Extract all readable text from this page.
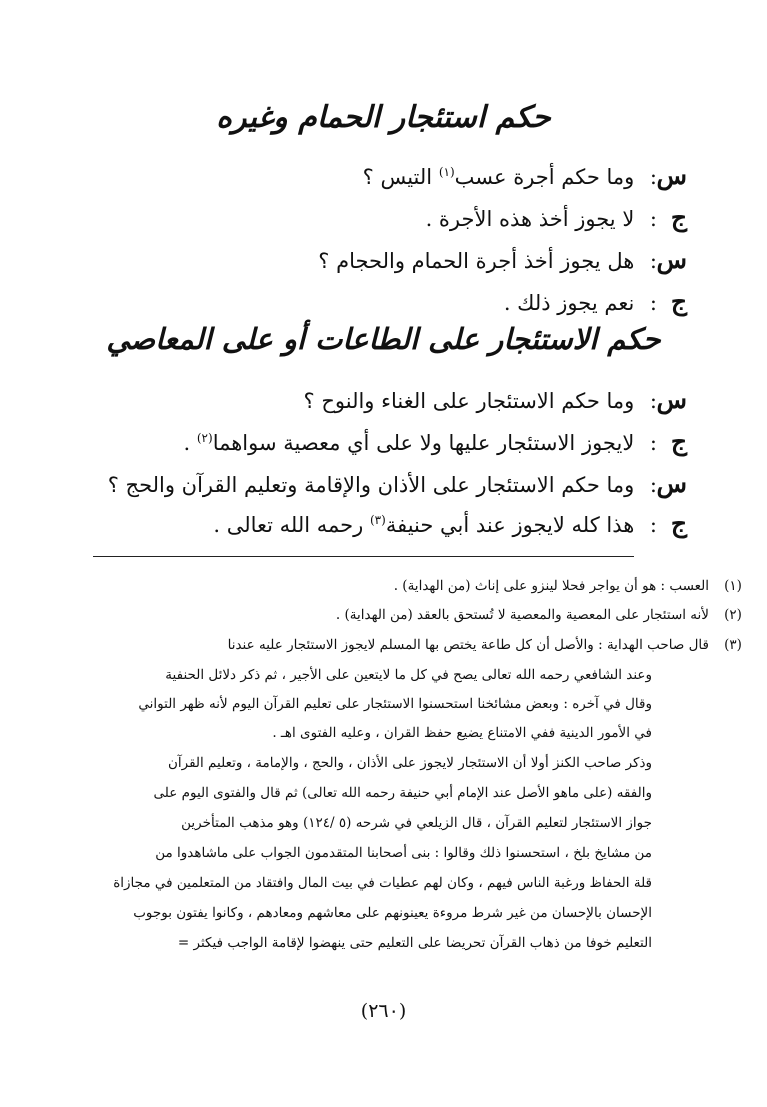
حكم استئجار الحمام وغيره
س: وما حكم أجرة عسب$^{(١)}$ التيس ؟
ج: لا يجوز أخذ هذه الأجرة .
س: هل يجوز أخذ أجرة الحمام والحجام ؟
ج: نعم يجوز ذلك .
حكم الاستئجار على الطاعات أو على المعاصي
س: وما حكم الاستئجار على الغناء والنوح ؟
ج: لايجوز الاستئجار عليها ولا على أي معصية سواهما$^{(٢)}$ .
س: وما حكم الاستئجار على الأذان والإقامة وتعليم القرآن والحج ؟
ج: هذا كله لايجوز عند أبي حنيفة$^{(٣)}$ رحمه الله تعالى .
(١)
العسب : هو أن يواجر فحلا لينزو على إناث (من الهداية) .
(٢)
لأنه استئجار على المعصية والمعصية لا تُستحق بالعقد (من الهداية) .
(٣)
قال صاحب الهداية : والأصل أن كل طاعة يختص بها المسلم لايجوز الاستئجار عليه عندنا
وعند الشافعي رحمه الله تعالى يصح في كل ما لايتعين على الأجير ، ثم ذكر دلائل الحنفية
وقال في آخره : وبعض مشائخنا استحسنوا الاستئجار على تعليم القرآن اليوم لأنه ظهر التواني
في الأمور الدينية ففي الامتناع يضيع حفظ القران ، وعليه الفتوى اهـ .
وذكر صاحب الكنز أولا أن الاستئجار لايجوز على الأذان ، والحج ، والإمامة ، وتعليم القرآن
والفقه (على ماهو الأصل عند الإمام أبي حنيفة رحمه الله تعالى) ثم قال والفتوى اليوم على
جواز الاستئجار لتعليم القرآن ، قال الزيلعي في شرحه (٥ /١٢٤) وهو مذهب المتأخرين
من مشايخ بلخ ، استحسنوا ذلك وقالوا : بنى أصحابنا المتقدمون الجواب على ماشاهدوا من
قلة الحفاظ ورغبة الناس فيهم ، وكان لهم عطيات في بيت المال وافتقاد من المتعلمين في مجازاة
الإحسان بالإحسان من غير شرط مروءة يعينونهم على معاشهم ومعادهم ، وكانوا يفتون بوجوب
التعليم خوفا من ذهاب القرآن تحريضا على التعليم حتى ينهضوا لإقامة الواجب فيكثر =
(٢٦٠)
